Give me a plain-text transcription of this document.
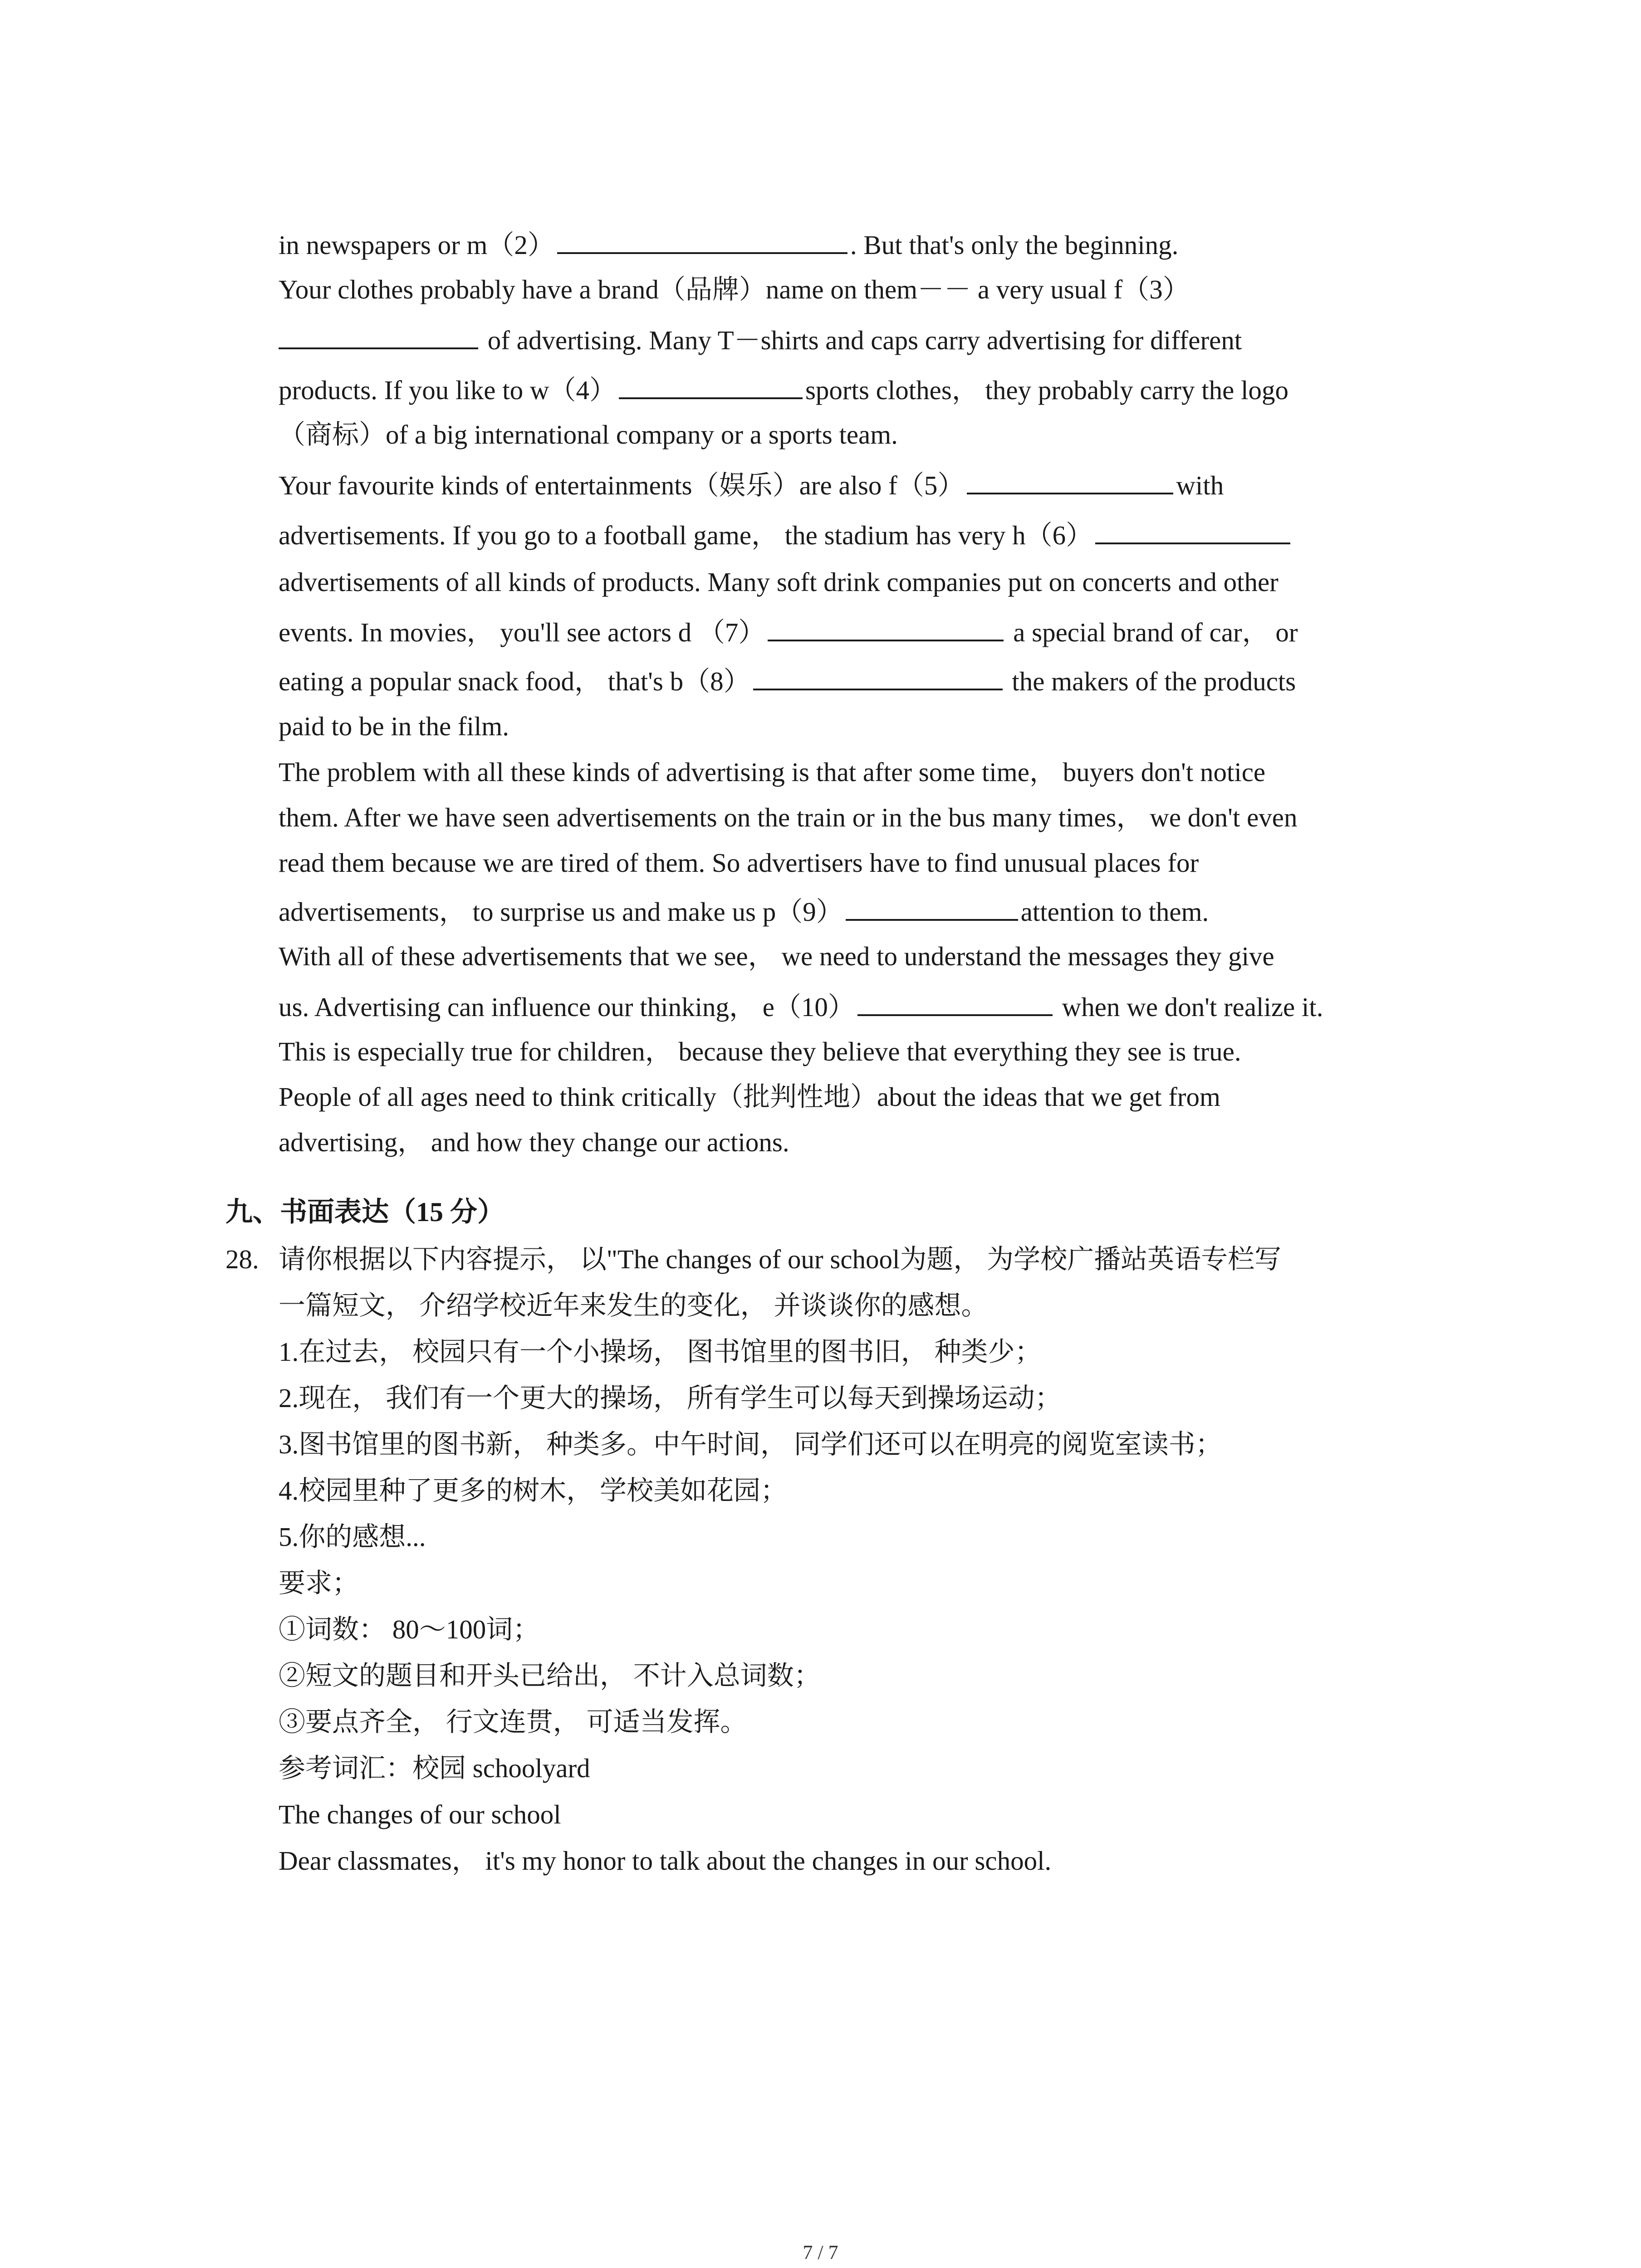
in newspapers or m（2）	. But that's only the beginning.
Your clothes probably have a brand（品牌）name on them－－ a very usual f（3）
of advertising. Many T－shirts and caps carry advertising for different
products. If you like to w（4）	sports clothes， they probably carry the logo
（商标）of a big international company or a sports team.
Your favourite kinds of entertainments（娱乐）are also f（5）	with
advertisements. If you go to a football game， the stadium has very h（6）
advertisements of all kinds of products. Many soft drink companies put on concerts and other
events. In movies， you'll see actors d （7）	a special brand of car， or
eating a popular snack food， that's b（8）	the makers of the products
paid to be in the film.
The problem with all these kinds of advertising is that after some time， buyers don't notice
them. After we have seen advertisements on the train or in the bus many times， we don't even
read them because we are tired of them. So advertisers have to find unusual places for
advertisements， to surprise us and make us p（9）	attention to them.
With all of these advertisements that we see， we need to understand the messages they give
us. Advertising can influence our thinking， e（10）	when we don't realize it.
This is especially true for children， because they believe that everything they see is true.
People of all ages need to think critically（批判性地）about the ideas that we get from
advertising， and how they change our actions.
九、书面表达（15 分）
28. 请你根据以下内容提示， 以"The changes of our school为题， 为学校广播站英语专栏写
一篇短文， 介绍学校近年来发生的变化， 并谈谈你的感想。
1.在过去， 校园只有一个小操场， 图书馆里的图书旧， 种类少；
2.现在， 我们有一个更大的操场， 所有学生可以每天到操场运动；
3.图书馆里的图书新， 种类多。中午时间， 同学们还可以在明亮的阅览室读书；
4.校园里种了更多的树木， 学校美如花园；
5.你的感想...
要求；
①词数： 80～100词；
②短文的题目和开头已给出， 不计入总词数；
③要点齐全， 行文连贯， 可适当发挥。
参考词汇：校园 schoolyard
The changes of our school
Dear classmates， it's my honor to talk about the changes in our school.
7 / 7
